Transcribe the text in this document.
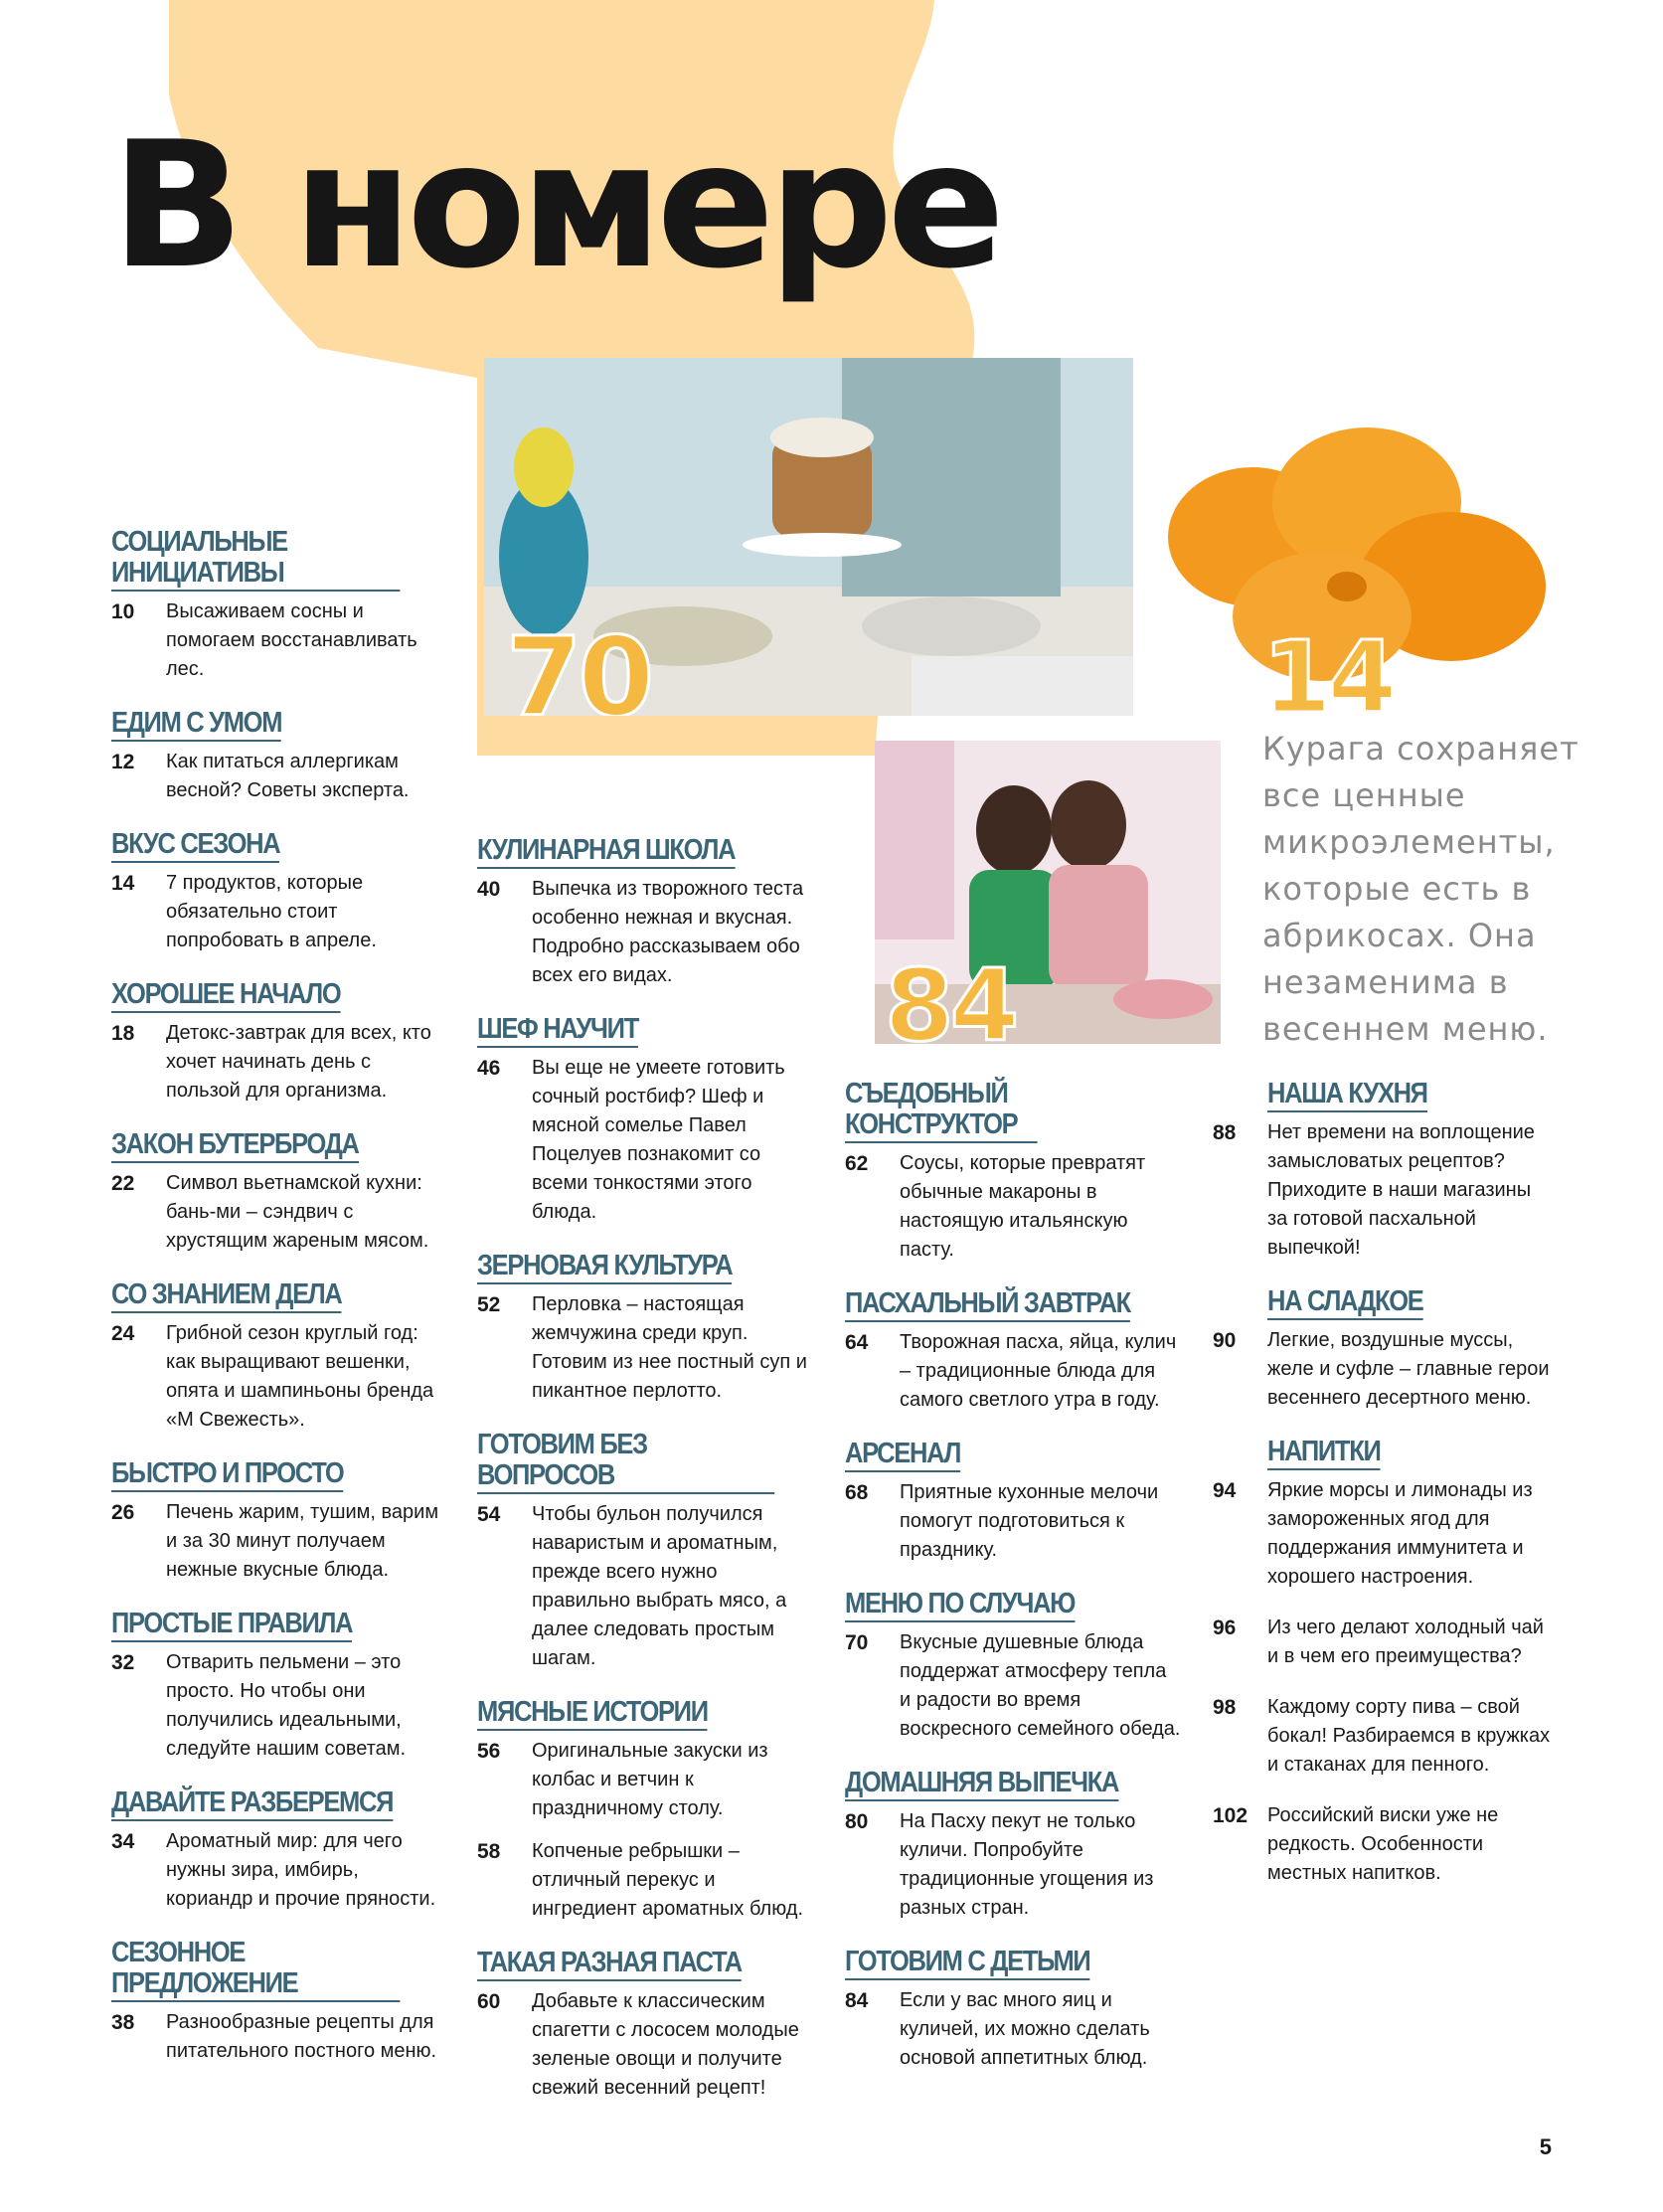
В номере
70	14
84

Курага сохраняет все ценные микроэлементы, которые есть в абрикосах. Она незаменима в весеннем меню.

СОЦИАЛЬНЫЕ ИНИЦИАТИВЫ
10	Высаживаем сосны и помогаем восстанавливать лес.
ЕДИМ С УМОМ
12	Как питаться аллергикам весной? Советы эксперта.
ВКУС СЕЗОНА
14	7 продуктов, которые обязательно стоит попробовать в апреле.
ХОРОШЕЕ НАЧАЛО
18	Детокс-завтрак для всех, кто хочет начинать день с пользой для организма.
ЗАКОН БУТЕРБРОДА
22	Символ вьетнамской кухни: бань-ми – сэндвич с хрустящим жареным мясом.
СО ЗНАНИЕМ ДЕЛА
24	Грибной сезон круглый год: как выращивают вешенки, опята и шампиньоны бренда «М Свежесть».
БЫСТРО И ПРОСТО
26	Печень жарим, тушим, варим и за 30 минут получаем нежные вкусные блюда.
ПРОСТЫЕ ПРАВИЛА
32	Отварить пельмени – это просто. Но чтобы они получились идеальными, следуйте нашим советам.
ДАВАЙТЕ РАЗБЕРЕМСЯ
34	Ароматный мир: для чего нужны зира, имбирь, кориандр и прочие пряности.
СЕЗОННОЕ ПРЕДЛОЖЕНИЕ
38	Разнообразные рецепты для питательного постного меню.
КУЛИНАРНАЯ ШКОЛА
40	Выпечка из творожного теста особенно нежная и вкусная. Подробно рассказываем обо всех его видах.
ШЕФ НАУЧИТ
46	Вы еще не умеете готовить сочный ростбиф? Шеф и мясной сомелье Павел Поцелуев познакомит со всеми тонкостями этого блюда.
ЗЕРНОВАЯ КУЛЬТУРА
52	Перловка – настоящая жемчужина среди круп. Готовим из нее постный суп и пикантное перлотто.
ГОТОВИМ БЕЗ ВОПРОСОВ
54	Чтобы бульон получился наваристым и ароматным, прежде всего нужно правильно выбрать мясо, а далее следовать простым шагам.
МЯСНЫЕ ИСТОРИИ
56	Оригинальные закуски из колбас и ветчин к праздничному столу.
58	Копченые ребрышки – отличный перекус и ингредиент ароматных блюд.
ТАКАЯ РАЗНАЯ ПАСТА
60	Добавьте к классическим спагетти с лососем молодые зеленые овощи и получите свежий весенний рецепт!
СЪЕДОБНЫЙ КОНСТРУКТОР
62	Соусы, которые превратят обычные макароны в настоящую итальянскую пасту.
ПАСХАЛЬНЫЙ ЗАВТРАК
64	Творожная пасха, яйца, кулич – традиционные блюда для самого светлого утра в году.
АРСЕНАЛ
68	Приятные кухонные мелочи помогут подготовиться к празднику.
МЕНЮ ПО СЛУЧАЮ
70	Вкусные душевные блюда поддержат атмосферу тепла и радости во время воскресного семейного обеда.
ДОМАШНЯЯ ВЫПЕЧКА
80	На Пасху пекут не только куличи. Попробуйте традиционные угощения из разных стран.
ГОТОВИМ С ДЕТЬМИ
84	Если у вас много яиц и куличей, их можно сделать основой аппетитных блюд.
НАША КУХНЯ
88	Нет времени на воплощение замысловатых рецептов? Приходите в наши магазины за готовой пасхальной выпечкой!
НА СЛАДКОЕ
90	Легкие, воздушные муссы, желе и суфле – главные герои весеннего десертного меню.
НАПИТКИ
94	Яркие морсы и лимонады из замороженных ягод для поддержания иммунитета и хорошего настроения.
96	Из чего делают холодный чай и в чем его преимущества?
98	Каждому сорту пива – свой бокал! Разбираемся в кружках и стаканах для пенного.
102 Российский виски уже не редкость. Особенности местных напитков.
5
